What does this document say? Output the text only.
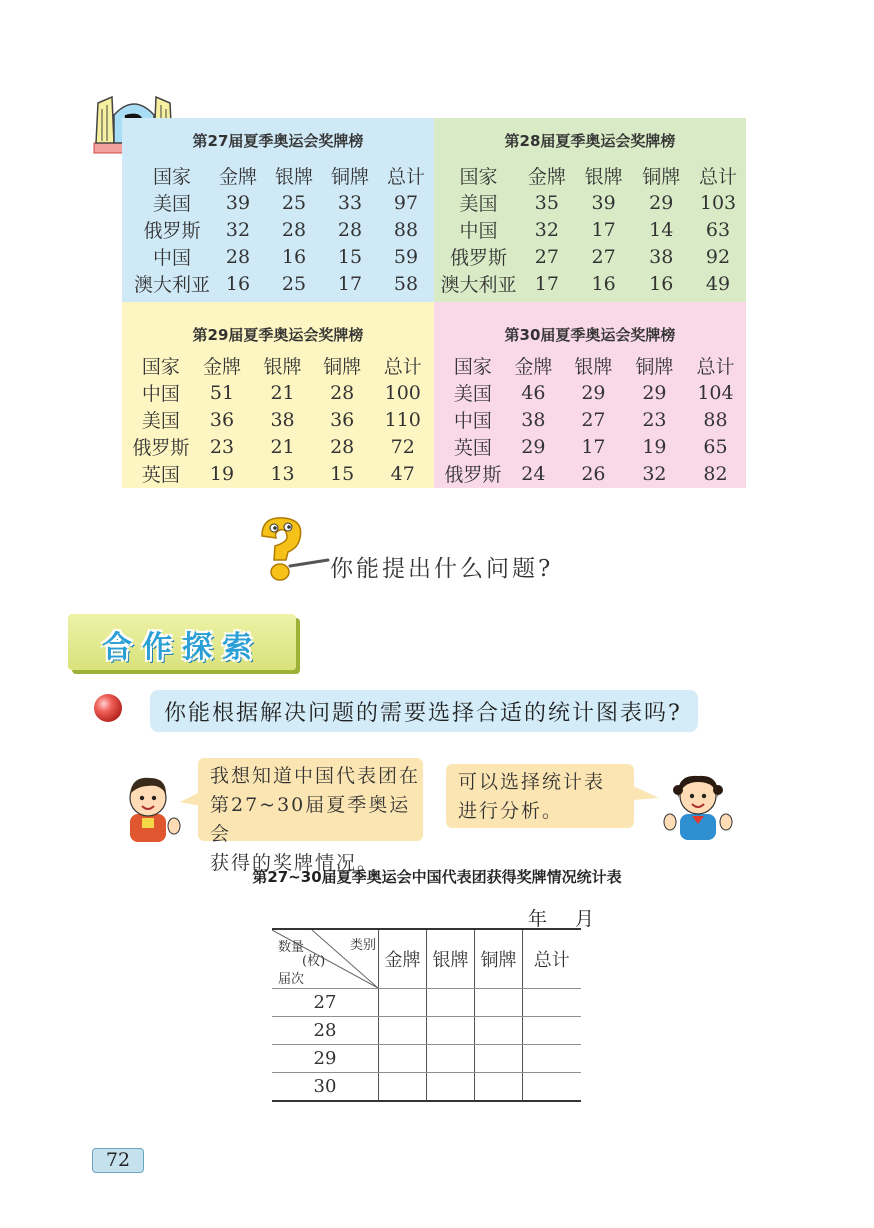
第27届夏季奥运会奖牌榜
国家	金牌	银牌	铜牌	总计
美国	39	25	33	97
俄罗斯	32	28	28	88
中国	28	16	15	59
澳大利亚	16	25	17	58
第28届夏季奥运会奖牌榜
国家	金牌	银牌	铜牌	总计
美国	35	39	29	103
中国	32	17	14	63
俄罗斯	27	27	38	92
澳大利亚	17	16	16	49
第29届夏季奥运会奖牌榜
国家	金牌	银牌	铜牌	总计
中国	51	21	28	100
美国	36	38	36	110
俄罗斯	23	21	28	72
英国	19	13	15	47
第30届夏季奥运会奖牌榜
国家	金牌	银牌	铜牌	总计
美国	46	29	29	104
中国	38	27	23	88
英国	29	17	19	65
俄罗斯	24	26	32	82
你能提出什么问题?
合作探索
你能根据解决问题的需要选择合适的统计图表吗?
我想知道中国代表团在
第27~30届夏季奥运会
获得的奖牌情况。
可以选择统计表
进行分析。
第27~30届夏季奥运会中国代表团获得奖牌情况统计表
年 月
类别
数量
(枚)
届次	金牌	银牌	铜牌	总计
27				
28				
29				
30				
72
